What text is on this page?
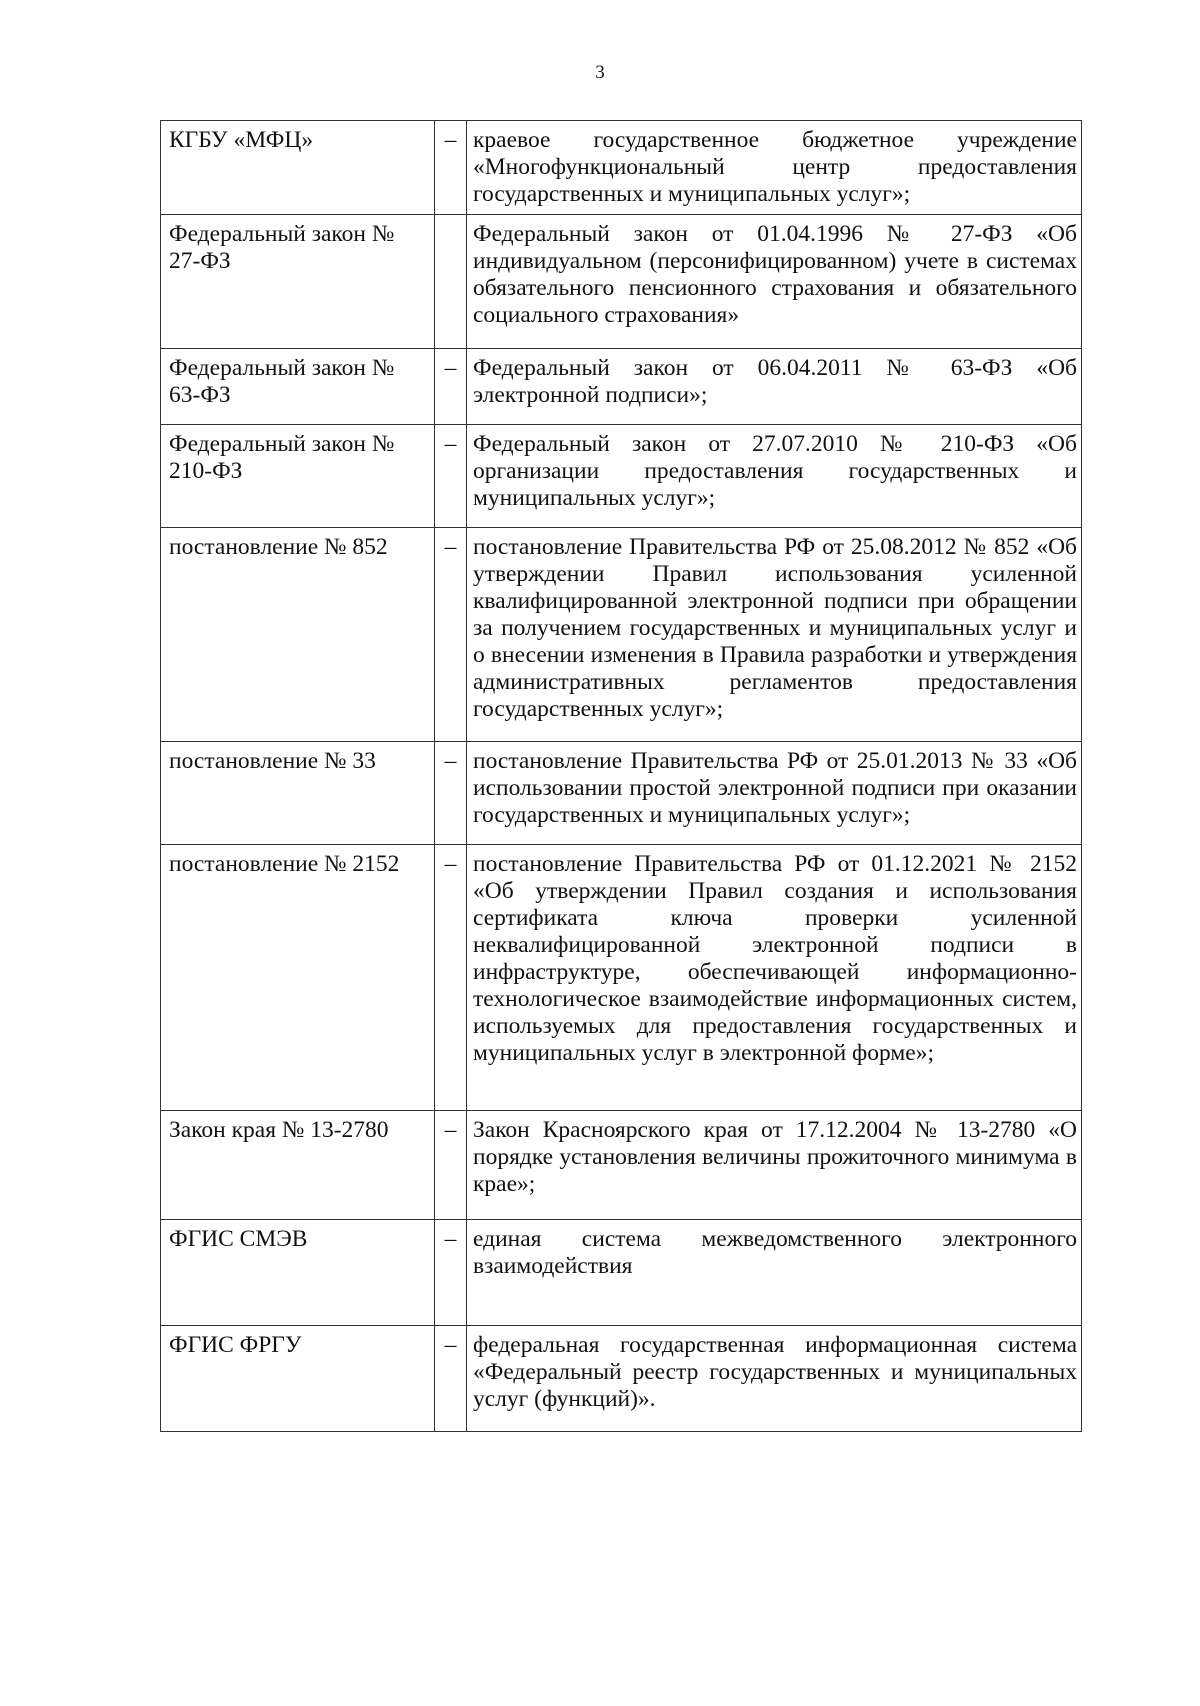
3
КГБУ «МФЦ»	–	краевое государственное бюджетное учреждение «Многофункциональный центр предоставления государственных и муниципальных услуг»;
Федеральный закон № 27-ФЗ		Федеральный закон от 01.04.1996 № 27-ФЗ «Об индивидуальном (персонифицированном) учете в системах обязательного пенсионного страхования и обязательного социального страхования»
Федеральный закон № 63-ФЗ	–	Федеральный закон от 06.04.2011 № 63-ФЗ «Об электронной подписи»;
Федеральный закон № 210-ФЗ	–	Федеральный закон от 27.07.2010 № 210-ФЗ «Об организации предоставления государственных и муниципальных услуг»;
постановление № 852	–	постановление Правительства РФ от 25.08.2012 № 852 «Об утверждении Правил использования усиленной квалифицированной электронной подписи при обращении за получением государственных и муниципальных услуг и о внесении изменения в Правила разработки и утверждения административных регламентов предоставления государственных услуг»;
постановление № 33	–	постановление Правительства РФ от 25.01.2013 № 33 «Об использовании простой электронной подписи при оказании государственных и муниципальных услуг»;
постановление № 2152	–	постановление Правительства РФ от 01.12.2021 № 2152 «Об утверждении Правил создания и использования сертификата ключа проверки усиленной неквалифицированной электронной подписи в инфраструктуре, обеспечивающей информационно-технологическое взаимодействие информационных систем, используемых для предоставления государственных и муниципальных услуг в электронной форме»;
Закон края № 13-2780	–	Закон Красноярского края от 17.12.2004 № 13-2780 «О порядке установления величины прожиточного минимума в крае»;
ФГИС СМЭВ	–	единая система межведомственного электронного взаимодействия
ФГИС ФРГУ	–	федеральная государственная информационная система «Федеральный реестр государственных и муниципальных услуг (функций)».
